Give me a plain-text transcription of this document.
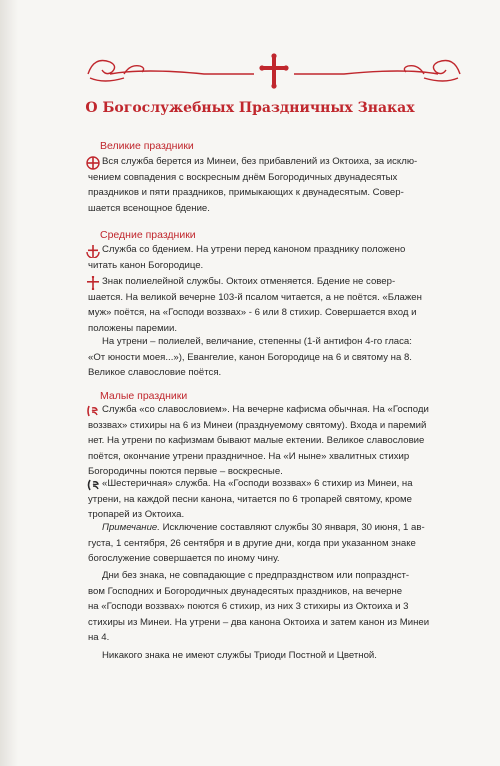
О Богослужебных Праздничных Знаках
Великие праздники
Вся служба берется из Минеи, без прибавлений из Октоиха, за исклю-
чением совпадения с воскресным днём Богородичных двунадесятых
праздников и пяти праздников, примыкающих к двунадесятым. Совер-
шается всенощное бдение.
Средние праздники
Служба со бдением. На утрени перед каноном празднику положено
читать канон Богородице.
Знак полиелейной службы. Октоих отменяется. Бдение не совер-
шается. На великой вечерне 103-й псалом читается, а не поётся. «Блажен
муж» поётся, на «Господи воззвах» - 6 или 8 стихир. Совершается вход и
положены паремии.
На утрени – полиелей, величание, степенны (1-й антифон 4-го гласа:
«От юности моея...»), Евангелие, канон Богородице на 6 и святому на 8.
Великое славословие поётся.
Малые праздники
Служба «со славословием». На вечерне кафисма обычная. На «Господи
воззвах» стихиры на 6 из Минеи (празднуемому святому). Входа и паремий
нет. На утрени по кафизмам бывают малые ектении. Великое славословие
поётся, окончание утрени праздничное. На «И ныне» хвалитных стихир
Богородичны поются первые – воскресные.
«Шестеричная» служба. На «Господи воззвах» 6 стихир из Минеи, на
утрени, на каждой песни канона, читается по 6 тропарей святому, кроме
тропарей из Октоиха.
Примечание. Исключение составляют службы 30 января, 30 июня, 1 ав-
густа, 1 сентября, 26 сентября и в другие дни, когда при указанном знаке
богослужение совершается по иному чину.
Дни без знака, не совпадающие с предпразднством или попразднст-
вом Господних и Богородичных двунадесятых праздников, на вечерне
на «Господи воззвах» поются 6 стихир, из них 3 стихиры из Октоиха и 3
стихиры из Минеи. На утрени – два канона Октоиха и затем канон из Минеи
на 4.
Никакого знака не имеют службы Триоди Постной и Цветной.
